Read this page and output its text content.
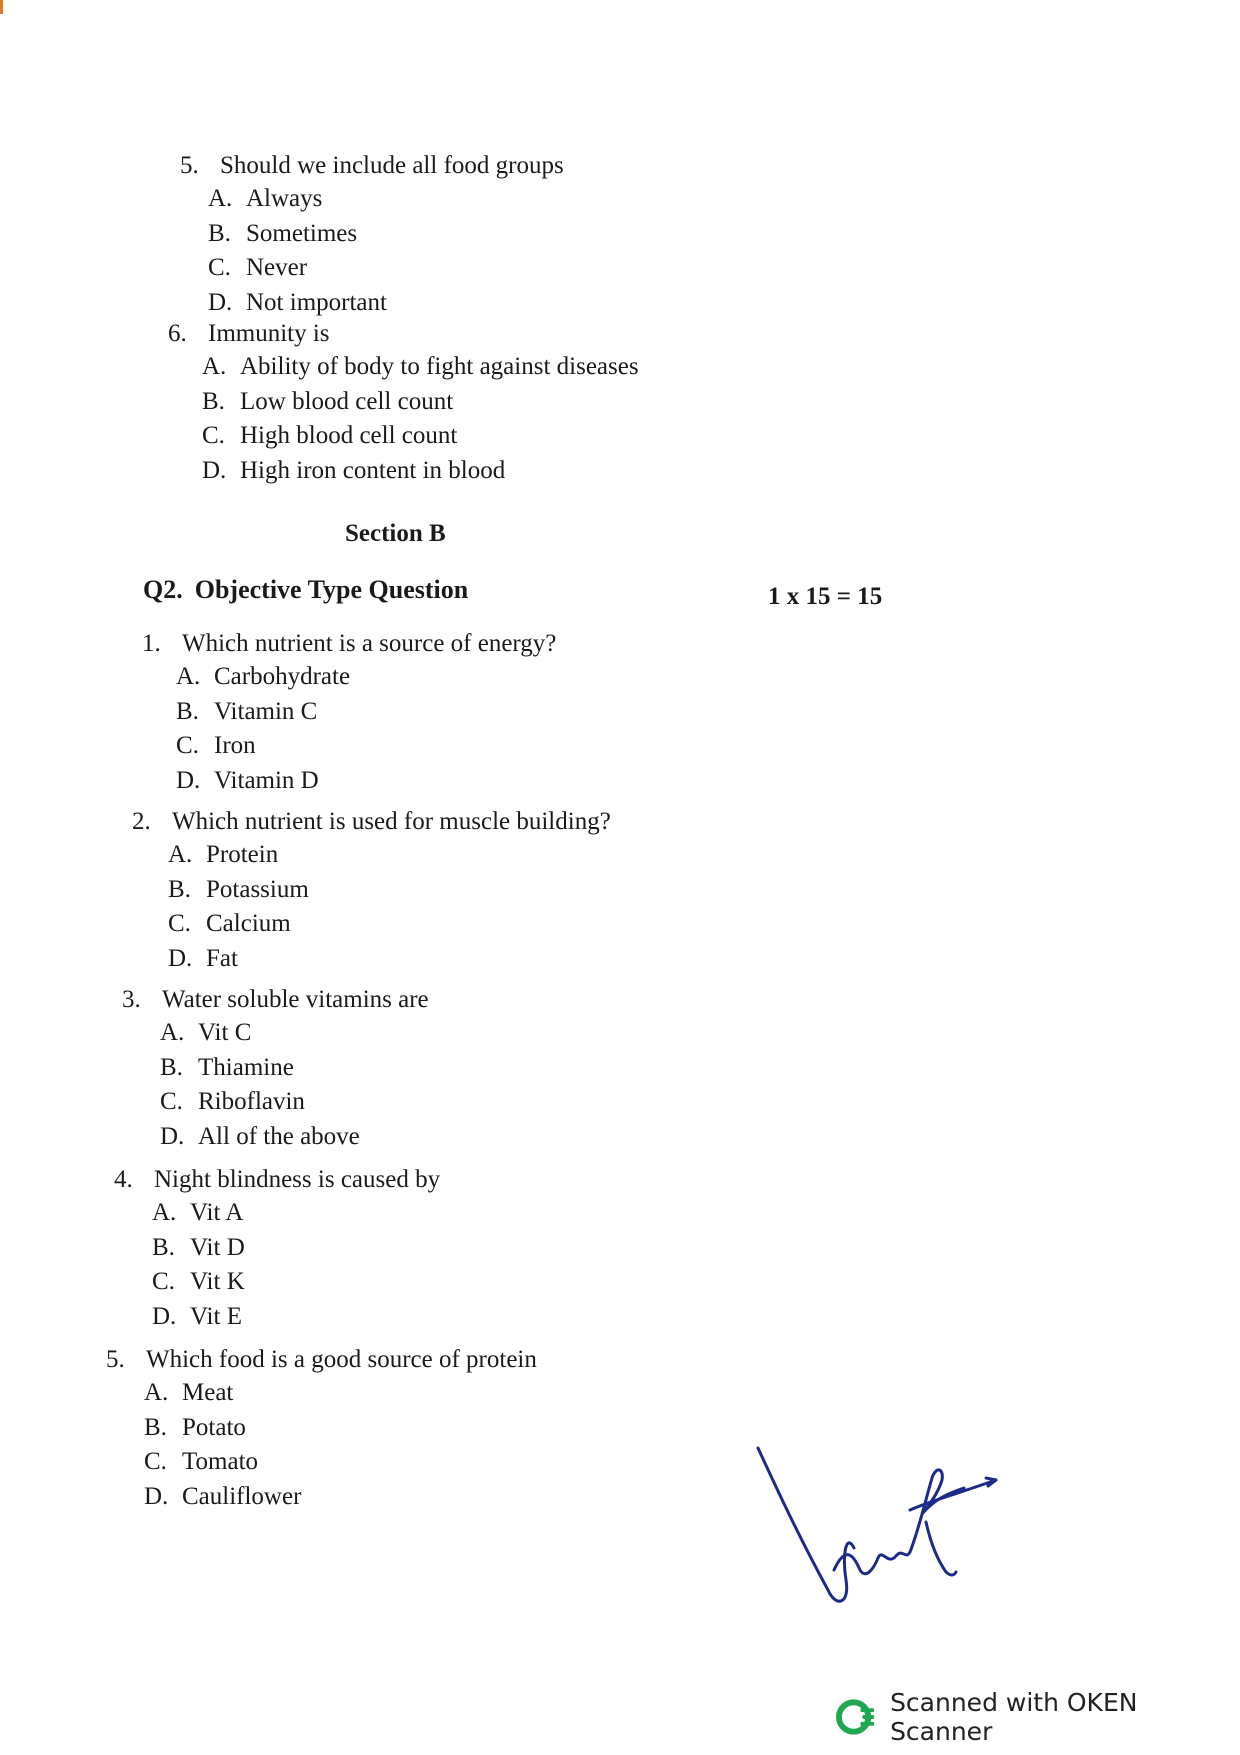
5. Should we include all food groups
A. Always
B. Sometimes
C. Never
D. Not important
6. Immunity is
A. Ability of body to fight against diseases
B. Low blood cell count
C. High blood cell count
D. High iron content in blood
Section B
Q2. Objective Type Question	1 x 15 = 15
1. Which nutrient is a source of energy?
A. Carbohydrate
B. Vitamin C
C. Iron
D. Vitamin D
2. Which nutrient is used for muscle building?
A. Protein
B. Potassium
C. Calcium
D. Fat
3. Water soluble vitamins are
A. Vit C
B. Thiamine
C. Riboflavin
D. All of the above
4. Night blindness is caused by
A. Vit A
B. Vit D
C. Vit K
D. Vit E
5. Which food is a good source of protein
A. Meat
B. Potato
C. Tomato
D. Cauliflower
Scanned with OKEN Scanner
